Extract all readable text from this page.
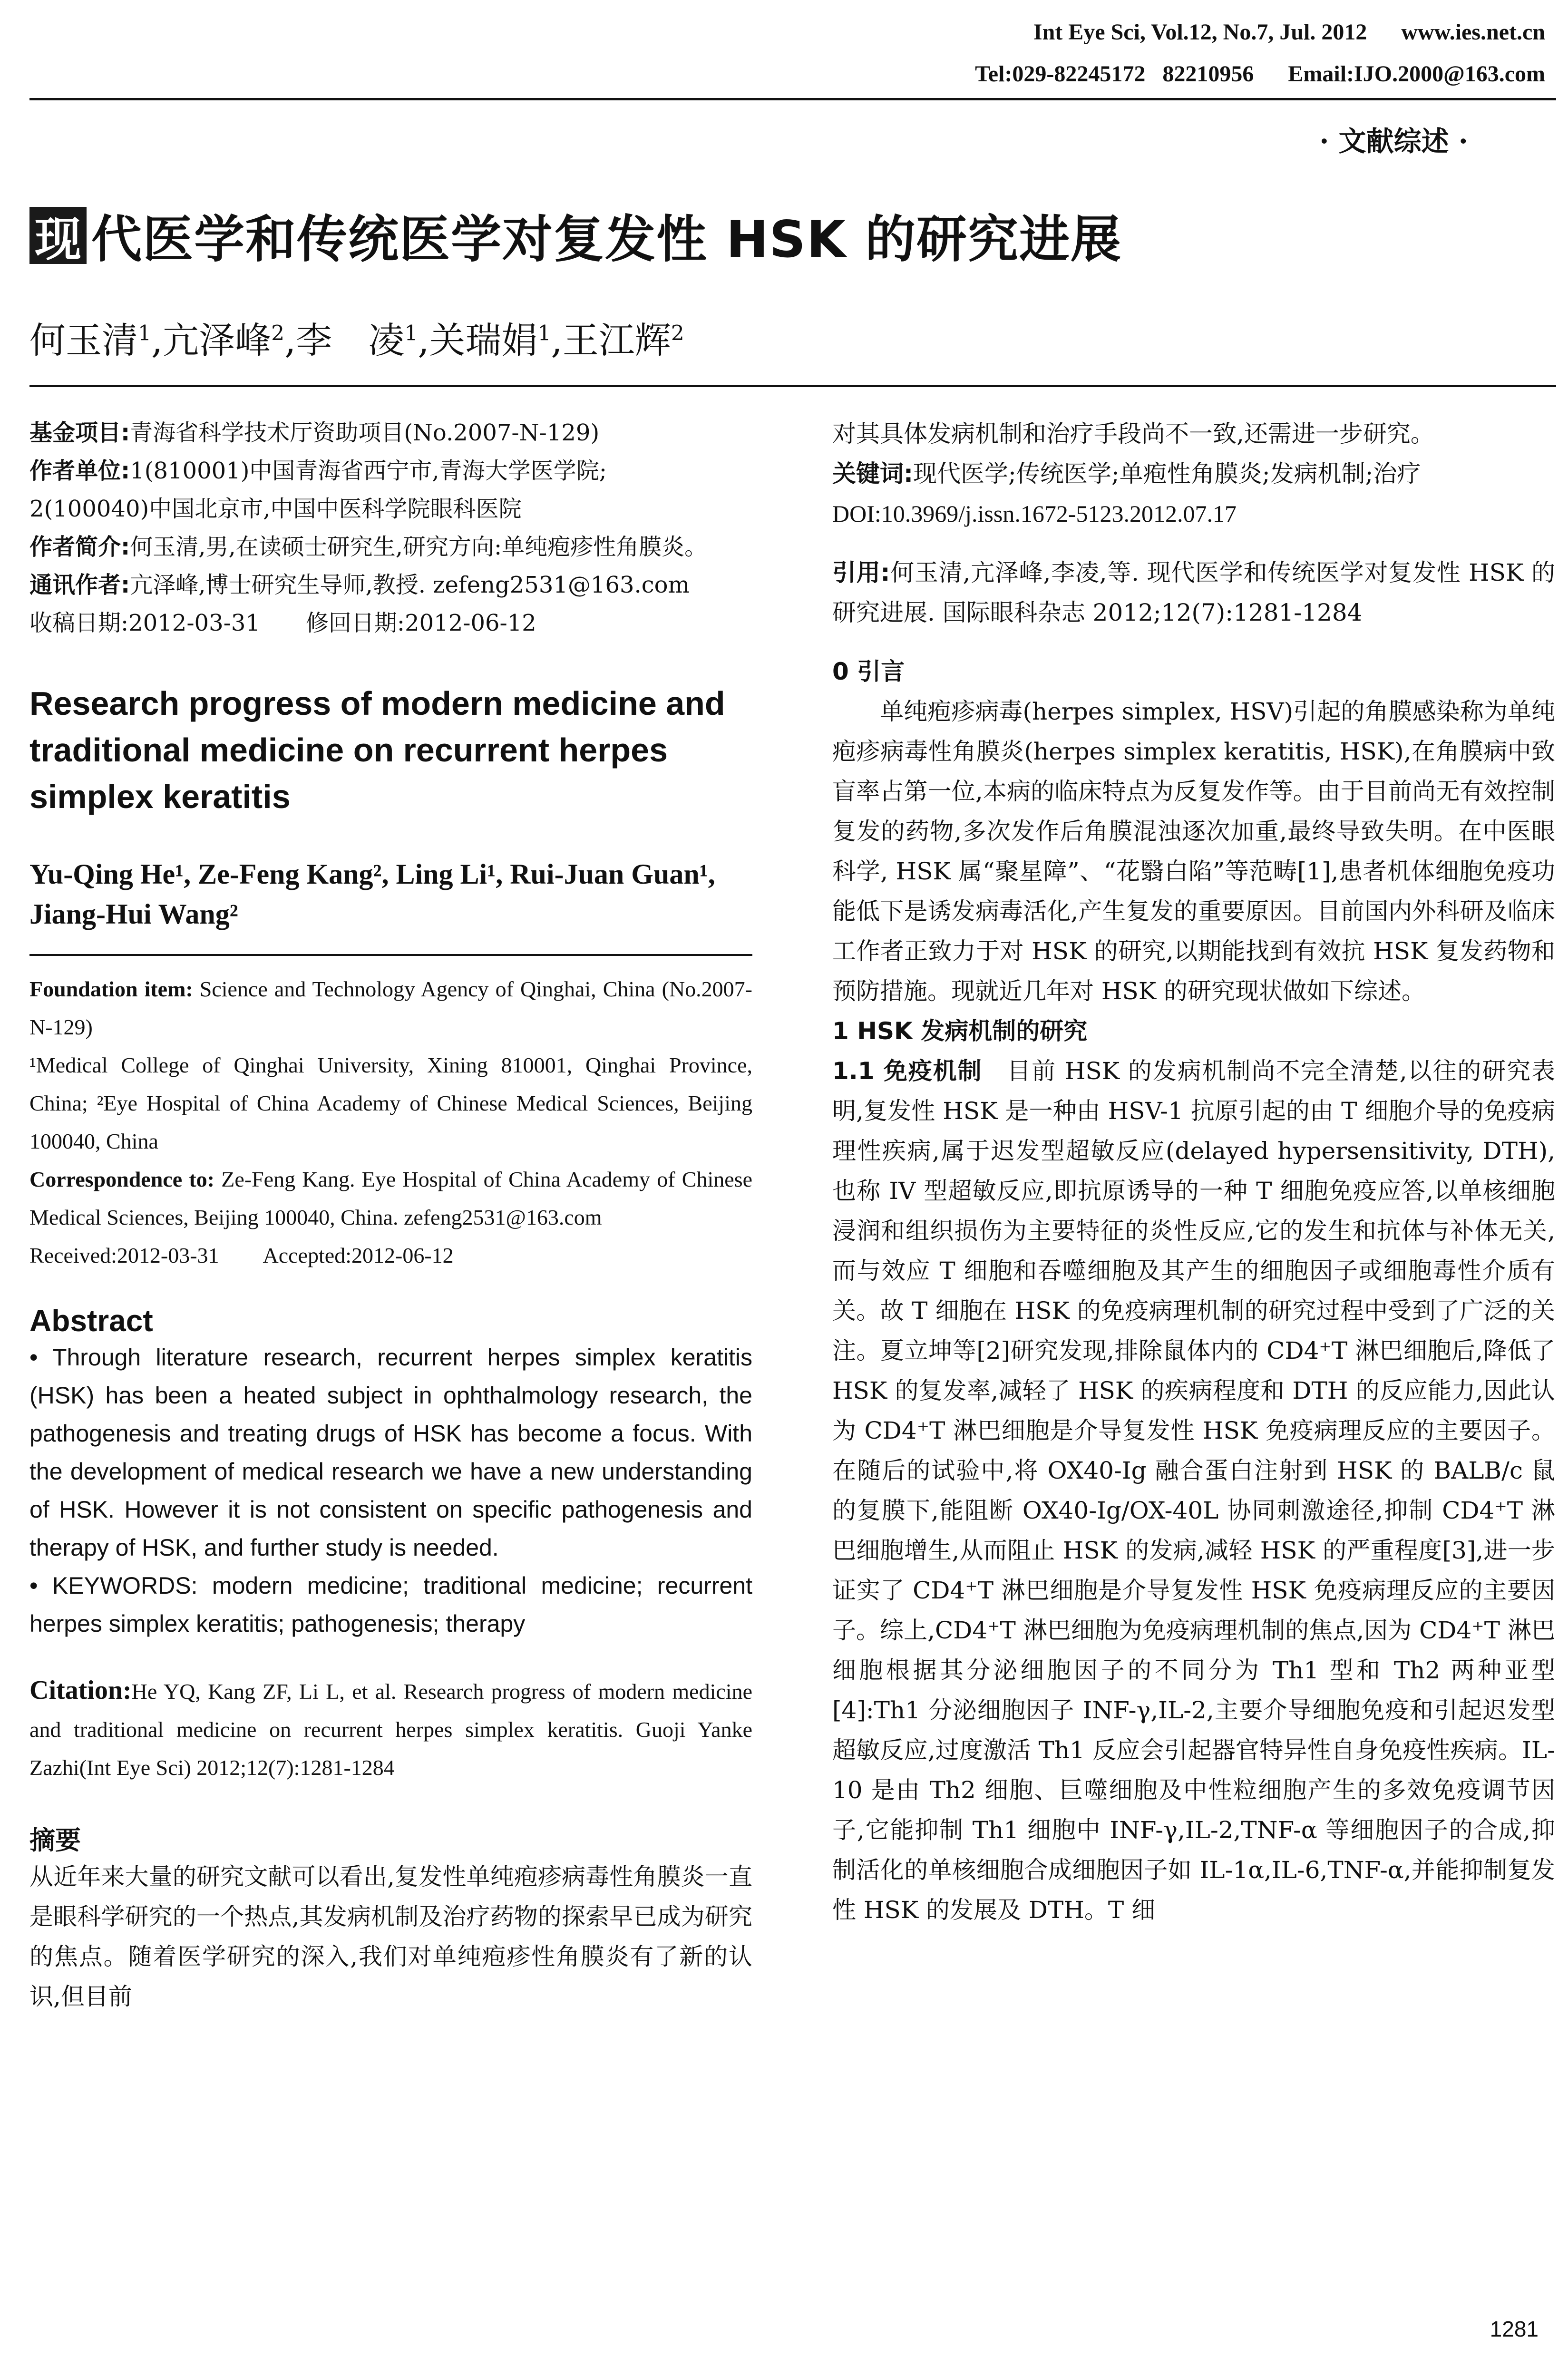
Int Eye Sci, Vol.12, No.7, Jul. 2012      www.ies.net.cn
Tel:029-82245172   82210956      Email:IJO.2000@163.com
· 文献综述 ·
现 代医学和传统医学对复发性 HSK 的研究进展
何玉清$^1$,亢泽峰$^2$,李　凌$^1$,关瑞娟$^1$,王江辉$^2$
基金项目:青海省科学技术厅资助项目(No.2007-N-129)
作者单位:1(810001)中国青海省西宁市,青海大学医学院;
2(100040)中国北京市,中国中医科学院眼科医院
作者简介:何玉清,男,在读硕士研究生,研究方向:单纯疱疹性角膜炎。
通讯作者:亢泽峰,博士研究生导师,教授. zefeng2531@163.com
收稿日期:2012-03-31　　修回日期:2012-06-12
Research progress of modern medicine and traditional medicine on recurrent herpes simplex keratitis
Yu-Qing He¹, Ze-Feng Kang², Ling Li¹, Rui-Juan Guan¹, Jiang-Hui Wang²
Foundation item: Science and Technology Agency of Qinghai, China (No.2007-N-129)
¹Medical College of Qinghai University, Xining 810001, Qinghai Province, China; ²Eye Hospital of China Academy of Chinese Medical Sciences, Beijing 100040, China
Correspondence to: Ze-Feng Kang. Eye Hospital of China Academy of Chinese Medical Sciences, Beijing 100040, China. zefeng2531@163.com
Received:2012-03-31　　Accepted:2012-06-12
Abstract
• Through literature research, recurrent herpes simplex keratitis (HSK) has been a heated subject in ophthalmology research, the pathogenesis and treating drugs of HSK has become a focus. With the development of medical research we have a new understanding of HSK. However it is not consistent on specific pathogenesis and therapy of HSK, and further study is needed.
• KEYWORDS: modern medicine; traditional medicine; recurrent herpes simplex keratitis; pathogenesis; therapy
Citation:He YQ, Kang ZF, Li L, et al. Research progress of modern medicine and traditional medicine on recurrent herpes simplex keratitis. Guoji Yanke Zazhi(Int Eye Sci) 2012;12(7):1281-1284
摘要
从近年来大量的研究文献可以看出,复发性单纯疱疹病毒性角膜炎一直是眼科学研究的一个热点,其发病机制及治疗药物的探索早已成为研究的焦点。随着医学研究的深入,我们对单纯疱疹性角膜炎有了新的认识,但目前
对其具体发病机制和治疗手段尚不一致,还需进一步研究。
关键词:现代医学;传统医学;单疱性角膜炎;发病机制;治疗
DOI:10.3969/j.issn.1672-5123.2012.07.17
引用:何玉清,亢泽峰,李凌,等. 现代医学和传统医学对复发性 HSK 的研究进展. 国际眼科杂志 2012;12(7):1281-1284
0 引言
单纯疱疹病毒(herpes simplex, HSV)引起的角膜感染称为单纯疱疹病毒性角膜炎(herpes simplex keratitis, HSK),在角膜病中致盲率占第一位,本病的临床特点为反复发作等。由于目前尚无有效控制复发的药物,多次发作后角膜混浊逐次加重,最终导致失明。在中医眼科学, HSK 属“聚星障”、“花翳白陷”等范畴[1],患者机体细胞免疫功能低下是诱发病毒活化,产生复发的重要原因。目前国内外科研及临床工作者正致力于对 HSK 的研究,以期能找到有效抗 HSK 复发药物和预防措施。现就近几年对 HSK 的研究现状做如下综述。
1 HSK 发病机制的研究
1.1 免疫机制　 目前 HSK 的发病机制尚不完全清楚,以往的研究表明,复发性 HSK 是一种由 HSV-1 抗原引起的由 T 细胞介导的免疫病理性疾病,属于迟发型超敏反应(delayed hypersensitivity, DTH),也称 IV 型超敏反应,即抗原诱导的一种 T 细胞免疫应答,以单核细胞浸润和组织损伤为主要特征的炎性反应,它的发生和抗体与补体无关,而与效应 T 细胞和吞噬细胞及其产生的细胞因子或细胞毒性介质有关。故 T 细胞在 HSK 的免疫病理机制的研究过程中受到了广泛的关注。夏立坤等[2]研究发现,排除鼠体内的 CD4⁺T 淋巴细胞后,降低了 HSK 的复发率,减轻了 HSK 的疾病程度和 DTH 的反应能力,因此认为 CD4⁺T 淋巴细胞是介导复发性 HSK 免疫病理反应的主要因子。在随后的试验中,将 OX40-Ig 融合蛋白注射到 HSK 的 BALB/c 鼠的复膜下,能阻断 OX40-Ig/OX-40L 协同刺激途径,抑制 CD4⁺T 淋巴细胞增生,从而阻止 HSK 的发病,减轻 HSK 的严重程度[3],进一步证实了 CD4⁺T 淋巴细胞是介导复发性 HSK 免疫病理反应的主要因子。综上,CD4⁺T 淋巴细胞为免疫病理机制的焦点,因为 CD4⁺T 淋巴细胞根据其分泌细胞因子的不同分为 Th1 型和 Th2 两种亚型[4]:Th1 分泌细胞因子 INF-γ,IL-2,主要介导细胞免疫和引起迟发型超敏反应,过度激活 Th1 反应会引起器官特异性自身免疫性疾病。IL-10 是由 Th2 细胞、巨噬细胞及中性粒细胞产生的多效免疫调节因子,它能抑制 Th1 细胞中 INF-γ,IL-2,TNF-α 等细胞因子的合成,抑制活化的单核细胞合成细胞因子如 IL-1α,IL-6,TNF-α,并能抑制复发性 HSK 的发展及 DTH。T 细
1281
